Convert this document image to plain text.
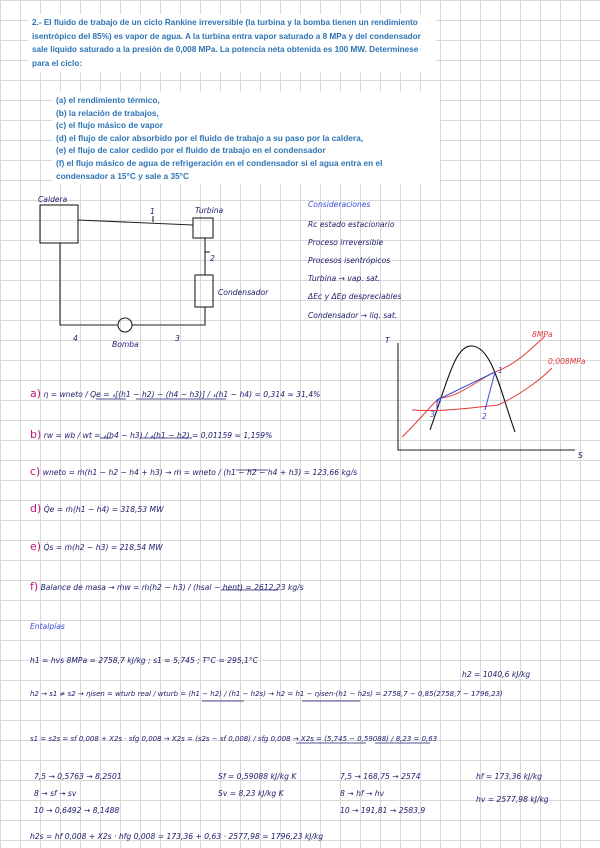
2.- El fluido de trabajo de un ciclo Rankine irreversible (la turbina y la bomba tienen un rendimiento isentrópico del 85%) es vapor de agua. A la turbina entra vapor saturado a 8 MPa y del condensador sale líquido saturado a la presión de 0,008 MPa. La potencia neta obtenida es 100 MW. Determínese para el ciclo:

(a) el rendimiento térmico,
(b) la relación de trabajos,
(c) el flujo másico de vapor
(d) el flujo de calor absorbido por el fluido de trabajo a su paso por la caldera,
(e) el flujo de calor cedido por el fluido de trabajo en el condensador
(f) el flujo másico de agua de refrigeración en el condensador si el agua entra en el condensador a 15°C y sale a 35°C
Caldera
Turbina
Condensador
Bomba
1
2
3
4
Consideraciones
Rc estado estacionario
Proceso irreversible
Procesos isentrópicos
Turbina → vap. sat.
ΔEc y ΔEp despreciables
Condensador → liq. sat.
8MPa
0,008MPa
T
S
1
2
3
4
a) η = wneto / Qe = 𝓇[(h1 − h2) − (h4 − h3)] / 𝓇(h1 − h4) = 0,314 ≈ 31,4%
b) rw = wb / wt = 𝓇(h4 − h3) / 𝓇(h1 − h2) = 0,01159 ≈ 1,159%
c) wneto = ṁ(h1 − h2 − h4 + h3) → ṁ = wneto / (h1 − h2 − h4 + h3) = 123,66 kg/s
d) Q̇e = ṁ(h1 − h4) = 318,53 MW
e) Q̇s = ṁ(h2 − h3) = 218,54 MW
f) Balance de masa → ṁw = ṁ(h2 − h3) / (hsal − hent) = 2612,23 kg/s
Entalpías
h1 = hvs 8MPa = 2758,7 kJ/kg ; s1 = 5,745 ; T°C = 295,1°C
h2 = 1040,6 kJ/kg
h2 → s1 ≠ s2 → ηisen = wturb real / wturb = (h1 − h2) / (h1 − h2s) → h2 = h1 − ηisen·(h1 − h2s) = 2758,7 − 0,85(2758,7 − 1796,23)
s1 = s2s = sf 0,008 + X2s · sfg 0,008 → X2s = (s2s − sf 0,008) / sfg 0,008 → X2s = (5,745 − 0,59088) / 8,23 = 0,63
7,5 → 0,5763 → 8,2501
8 → sf → sv
10 → 0,6492 → 8,1488
Sf = 0,59088 kJ/kg K
Sv = 8,23 kJ/kg K
7,5 → 168,75 → 2574
8 → hf → hv
10 → 191,81 → 2583,9
hf = 173,36 kJ/kg
hv = 2577,98 kJ/kg
h2s = hf 0,008 + X2s · hfg 0,008 = 173,36 + 0,63 · 2577,98 = 1796,23 kJ/kg
